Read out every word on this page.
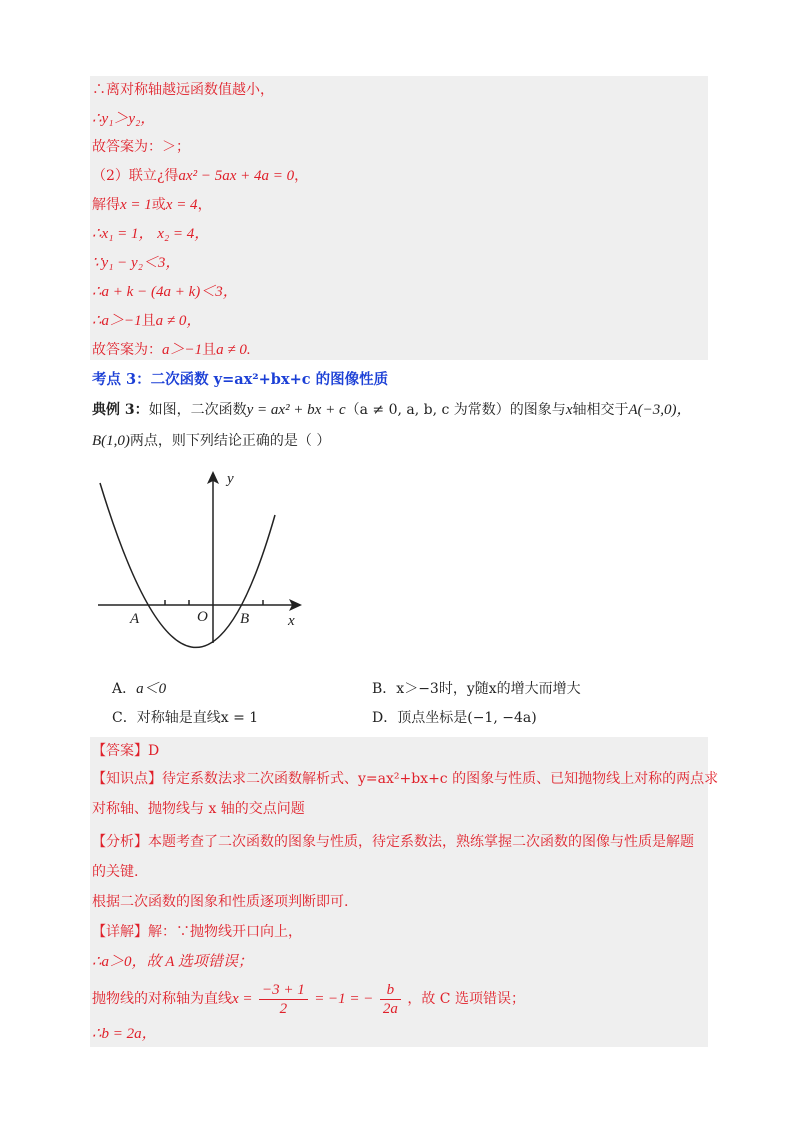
∴离对称轴越远函数值越小，
∴y₁＞y₂，
故答案为：＞；
（2）联立¿得ax² − 5ax + 4a = 0，
解得x = 1或x = 4，
∴x₁ = 1， x₂ = 4，
∵y₁ − y₂＜3，
∴a + k − (4a + k)＜3，
∴a＞−1且a ≠ 0，
故答案为：a＞−1且a ≠ 0.
考点 3：二次函数 y=ax²+bx+c 的图像性质
典例 3：如图，二次函数y = ax² + bx + c（a ≠ 0, a, b, c 为常数）的图象与x轴相交于A(−3,0)，
B(1,0)两点，则下列结论正确的是（ ）
y
x
O
A	B
A．a＜0	B．x＞−3时，y随x的增大而增大
C．对称轴是直线x = 1	D．顶点坐标是(−1, −4a)
【答案】D
【知识点】待定系数法求二次函数解析式、y=ax²+bx+c 的图象与性质、已知抛物线上对称的两点求
对称轴、抛物线与 x 轴的交点问题
【分析】本题考查了二次函数的图象与性质，待定系数法，熟练掌握二次函数的图像与性质是解题
的关键.
根据二次函数的图象和性质逐项判断即可.
【详解】解：∵抛物线开口向上，
∴a＞0，故 A 选项错误；
抛物线的对称轴为直线$x = \frac{-3 + 1}{2} = -1$ = − $\frac{b}{2a}$ ，故 C 选项错误；
∴b = 2a，
